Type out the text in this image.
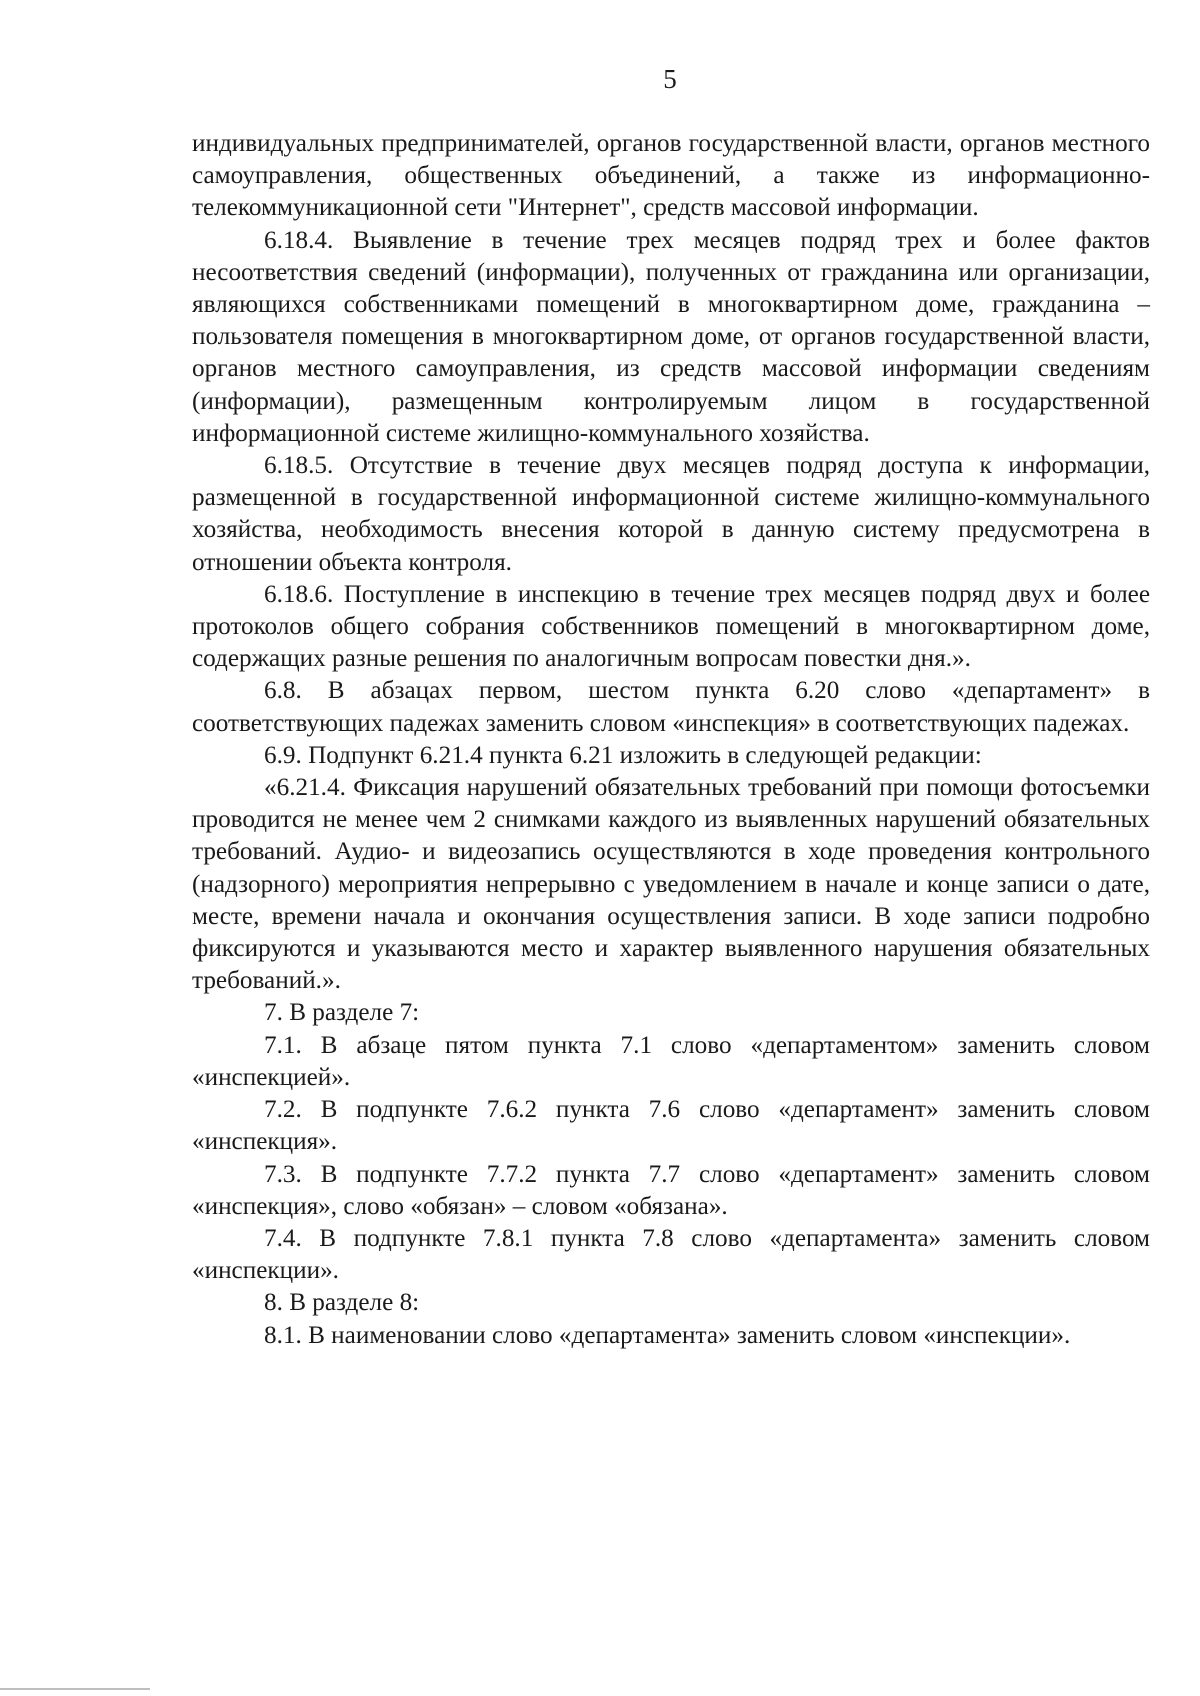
5

индивидуальных предпринимателей, органов государственной власти, органов местного самоуправления, общественных объединений, а также из информационно-телекоммуникационной сети "Интернет", средств массовой информации.

6.18.4. Выявление в течение трех месяцев подряд трех и более фактов несоответствия сведений (информации), полученных от гражданина или организации, являющихся собственниками помещений в многоквартирном доме, гражданина – пользователя помещения в многоквартирном доме, от органов государственной власти, органов местного самоуправления, из средств массовой информации сведениям (информации), размещенным контролируемым лицом в государственной информационной системе жилищно-коммунального хозяйства.

6.18.5. Отсутствие в течение двух месяцев подряд доступа к информации, размещенной в государственной информационной системе жилищно-коммунального хозяйства, необходимость внесения которой в данную систему предусмотрена в отношении объекта контроля.

6.18.6. Поступление в инспекцию в течение трех месяцев подряд двух и более протоколов общего собрания собственников помещений в многоквартирном доме, содержащих разные решения по аналогичным вопросам повестки дня.».

6.8. В абзацах первом, шестом пункта 6.20 слово «департамент» в соответствующих падежах заменить словом «инспекция» в соответствующих падежах.

6.9. Подпункт 6.21.4 пункта 6.21 изложить в следующей редакции:

«6.21.4. Фиксация нарушений обязательных требований при помощи фотосъемки проводится не менее чем 2 снимками каждого из выявленных нарушений обязательных требований. Аудио- и видеозапись осуществляются в ходе проведения контрольного (надзорного) мероприятия непрерывно с уведомлением в начале и конце записи о дате, месте, времени начала и окончания осуществления записи. В ходе записи подробно фиксируются и указываются место и характер выявленного нарушения обязательных требований.».

7. В разделе 7:

7.1. В абзаце пятом пункта 7.1 слово «департаментом» заменить словом «инспекцией».

7.2. В подпункте 7.6.2 пункта 7.6 слово «департамент» заменить словом «инспекция».

7.3. В подпункте 7.7.2 пункта 7.7 слово «департамент» заменить словом «инспекция», слово «обязан» – словом «обязана».

7.4. В подпункте 7.8.1 пункта 7.8 слово «департамента» заменить словом «инспекции».

8. В разделе 8:

8.1. В наименовании слово «департамента» заменить словом «инспекции».
